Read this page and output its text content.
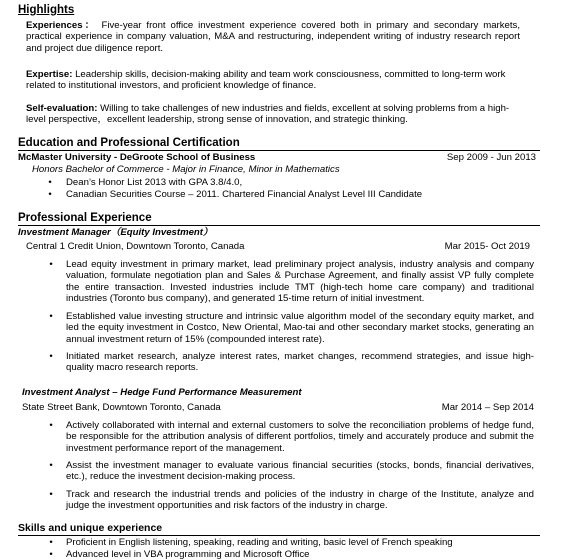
Highlights
Experiences： Five-year front office investment experience covered both in primary and secondary markets, practical experience in company valuation, M&A and restructuring, independent writing of industry research report and project due diligence report.
Expertise: Leadership skills, decision-making ability and team work consciousness, committed to long-term work related to institutional investors, and proficient knowledge of finance.
Self-evaluation: Willing to take challenges of new industries and fields, excellent at solving problems from a high-level perspective，excellent leadership, strong sense of innovation, and strategic thinking.
Education and Professional Certification
McMaster University - DeGroote School of Business	Sep 2009 - Jun 2013
Honors Bachelor of Commerce - Major in Finance, Minor in Mathematics
•	Dean’s Honor List 2013 with GPA 3.8/4.0,
•	Canadian Securities Course – 2011. Chartered Financial Analyst Level III Candidate
Professional Experience
Investment Manager（Equity Investment）
Central 1 Credit Union, Downtown Toronto, Canada	Mar 2015- Oct 2019
•	Lead equity investment in primary market, lead preliminary project analysis, industry analysis and company valuation, formulate negotiation plan and Sales & Purchase Agreement, and finally assist VP fully complete the entire transaction. Invested industries include TMT (high-tech home care company) and traditional industries (Toronto bus company), and generated 15-time return of initial investment.
•	Established value investing structure and intrinsic value algorithm model of the secondary equity market, and led the equity investment in Costco, New Oriental, Mao-tai and other secondary market stocks, generating an annual investment return of 15% (compounded interest rate).
•	Initiated market research, analyze interest rates, market changes, recommend strategies, and issue high-quality macro research reports.
Investment Analyst – Hedge Fund Performance Measurement
State Street Bank, Downtown Toronto, Canada	Mar 2014 – Sep 2014
•	Actively collaborated with internal and external customers to solve the reconciliation problems of hedge fund, be responsible for the attribution analysis of different portfolios, timely and accurately produce and submit the investment performance report of the management.
•	Assist the investment manager to evaluate various financial securities (stocks, bonds, financial derivatives, etc.), reduce the investment decision-making process.
•	Track and research the industrial trends and policies of the industry in charge of the Institute, analyze and judge the investment opportunities and risk factors of the industry in charge.
Skills and unique experience
•	Proficient in English listening, speaking, reading and writing, basic level of French speaking
•	Advanced level in VBA programming and Microsoft Office
